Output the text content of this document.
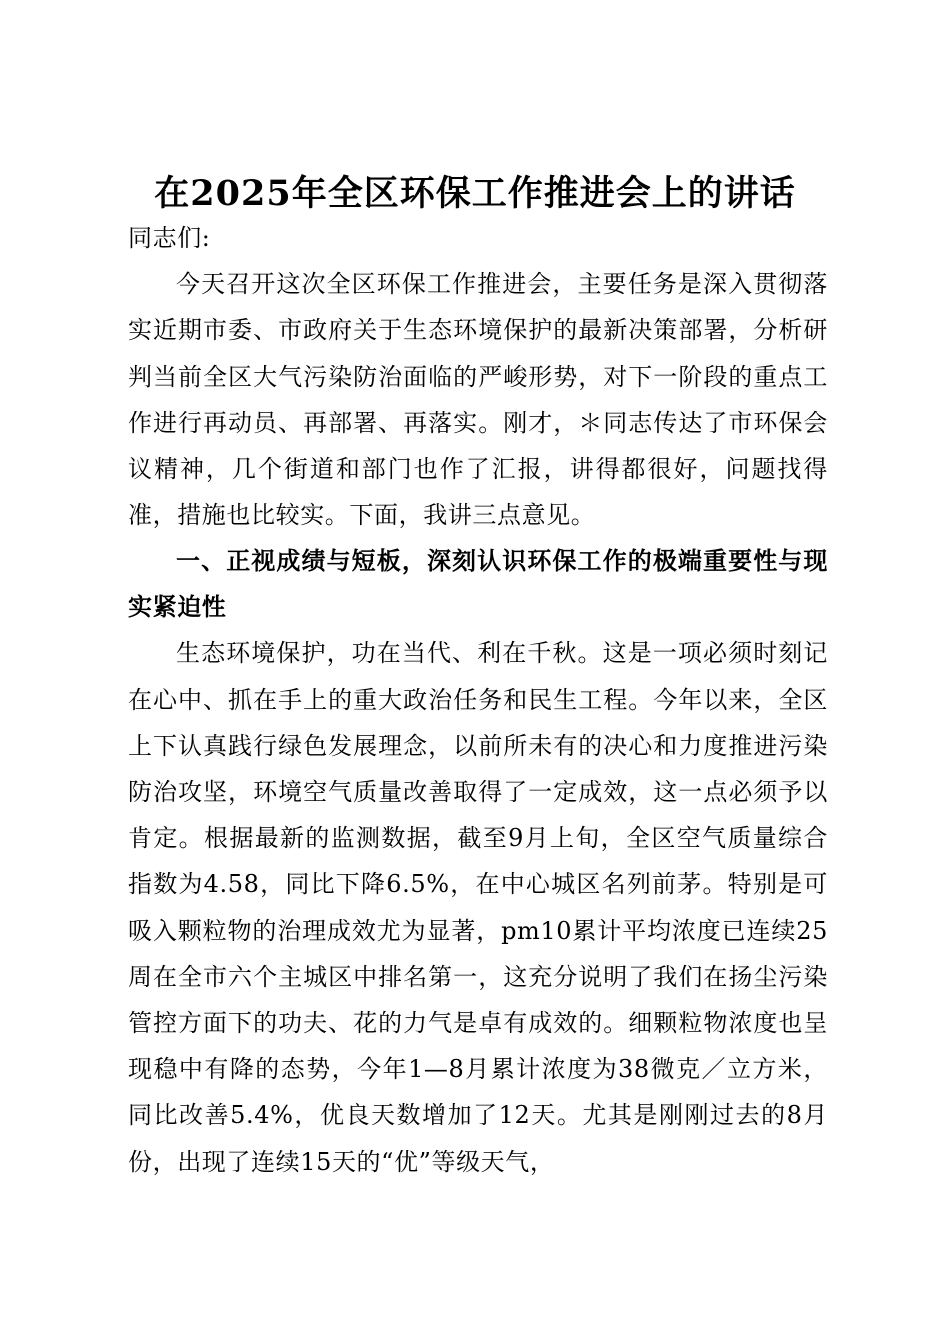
在2025年全区环保工作推进会上的讲话

同志们:

今天召开这次全区环保工作推进会，主要任务是深入贯彻落实近期市委、市政府关于生态环境保护的最新决策部署，分析研判当前全区大气污染防治面临的严峻形势，对下一阶段的重点工作进行再动员、再部署、再落实。刚才，＊同志传达了市环保会议精神，几个街道和部门也作了汇报，讲得都很好，问题找得准，措施也比较实。下面，我讲三点意见。

一、正视成绩与短板，深刻认识环保工作的极端重要性与现实紧迫性

生态环境保护，功在当代、利在千秋。这是一项必须时刻记在心中、抓在手上的重大政治任务和民生工程。今年以来，全区上下认真践行绿色发展理念，以前所未有的决心和力度推进污染防治攻坚，环境空气质量改善取得了一定成效，这一点必须予以肯定。根据最新的监测数据，截至9月上旬，全区空气质量综合指数为4.58，同比下降6.5%，在中心城区名列前茅。特别是可吸入颗粒物的治理成效尤为显著，pm10累计平均浓度已连续25周在全市六个主城区中排名第一，这充分说明了我们在扬尘污染管控方面下的功夫、花的力气是卓有成效的。细颗粒物浓度也呈现稳中有降的态势，今年1—8月累计浓度为38微克／立方米，同比改善5.4%，优良天数增加了12天。尤其是刚刚过去的8月份，出现了连续15天的“优”等级天气，
